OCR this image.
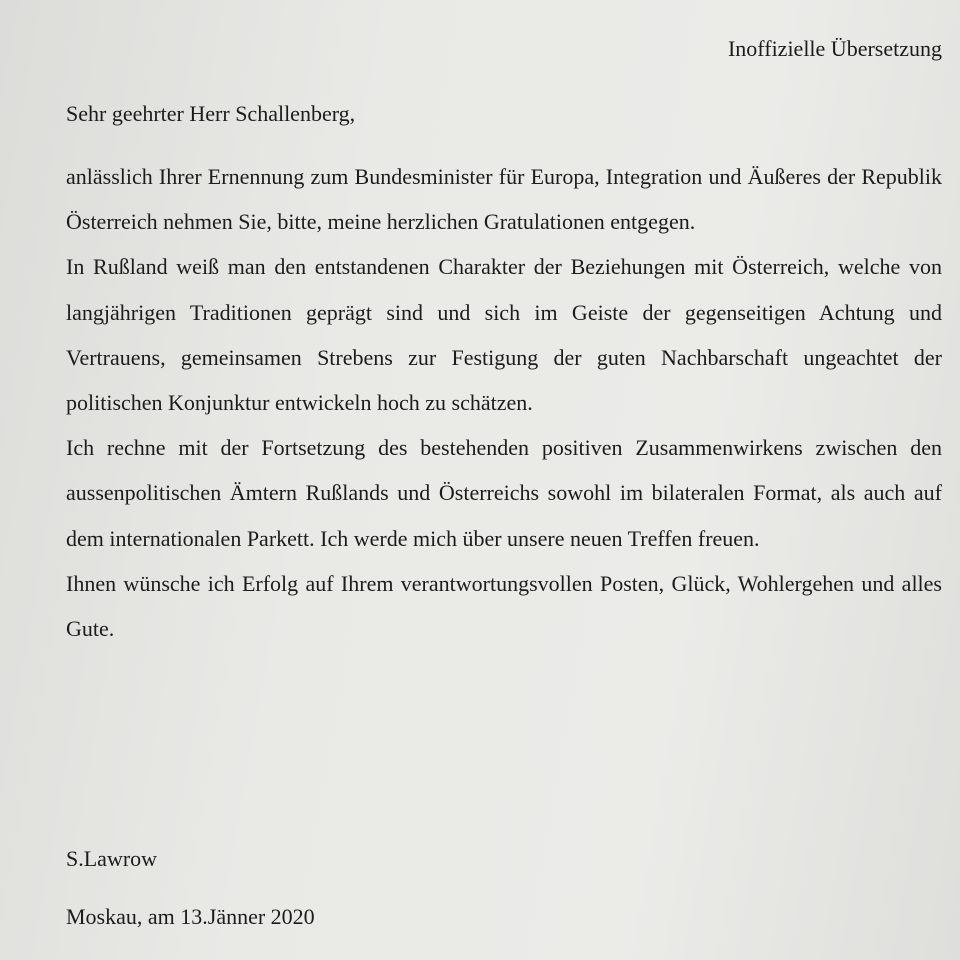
Inoffizielle Übersetzung

Sehr geehrter Herr Schallenberg,

anlässlich Ihrer Ernennung zum Bundesminister für Europa, Integration und Äußeres der Republik Österreich nehmen Sie, bitte, meine herzlichen Gratulationen entgegen.

In Rußland weiß man den entstandenen Charakter der Beziehungen mit Österreich, welche von langjährigen Traditionen geprägt sind und sich im Geiste der gegenseitigen Achtung und Vertrauens, gemeinsamen Strebens zur Festigung der guten Nachbarschaft ungeachtet der politischen Konjunktur entwickeln hoch zu schätzen.

Ich rechne mit der Fortsetzung des bestehenden positiven Zusammenwirkens zwischen den aussenpolitischen Ämtern Rußlands und Österreichs sowohl im bilateralen Format, als auch auf dem internationalen Parkett. Ich werde mich über unsere neuen Treffen freuen.

Ihnen wünsche ich Erfolg auf Ihrem verantwortungsvollen Posten, Glück, Wohlergehen und alles Gute.

S.Lawrow

Moskau, am 13.Jänner 2020
